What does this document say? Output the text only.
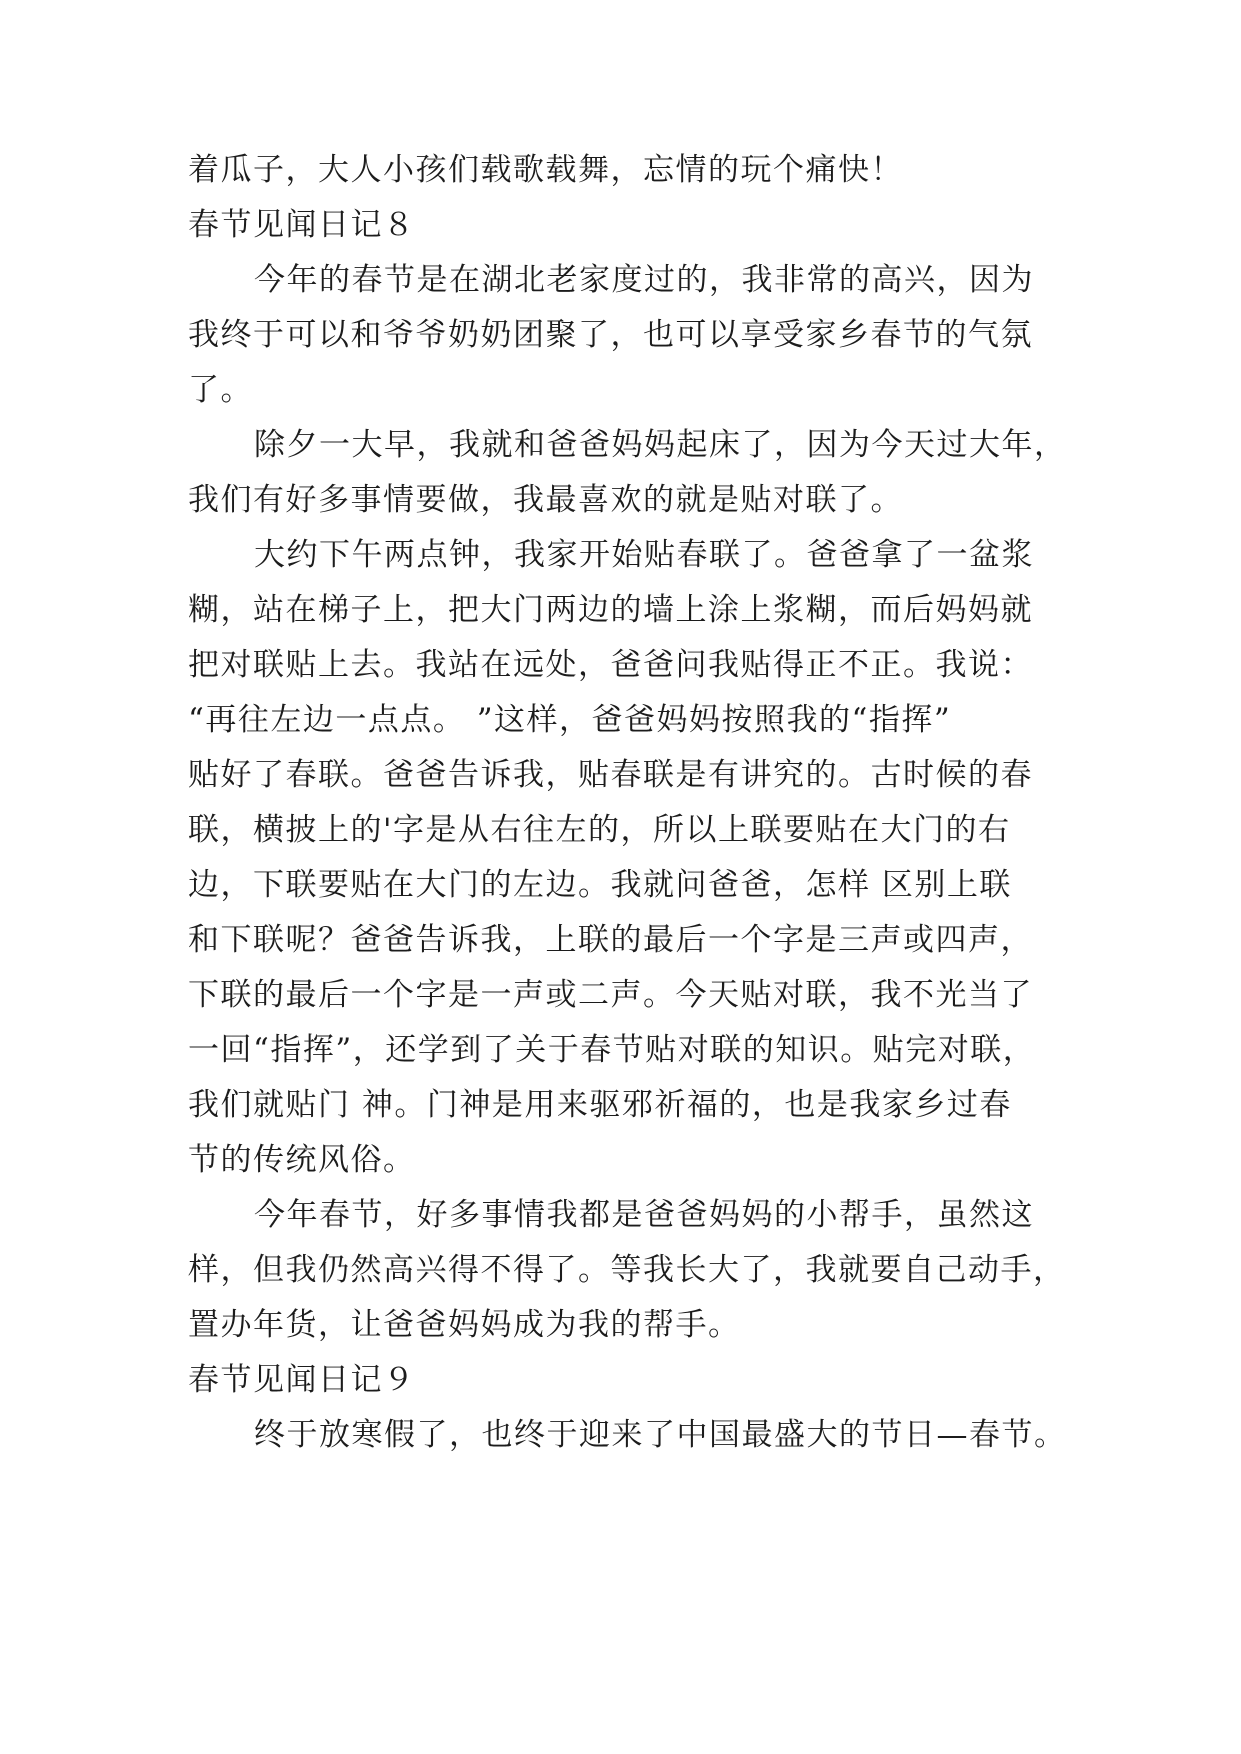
着瓜子，大人小孩们载歌载舞，忘情的玩个痛快！
春节见闻日记８
今年的春节是在湖北老家度过的，我非常的高兴，因为
我终于可以和爷爷奶奶团聚了，也可以享受家乡春节的气氛
了。
除夕一大早，我就和爸爸妈妈起床了，因为今天过大年，
我们有好多事情要做，我最喜欢的就是贴对联了。
大约下午两点钟，我家开始贴春联了。爸爸拿了一盆浆
糊，站在梯子上，把大门两边的墙上涂上浆糊，而后妈妈就
把对联贴上去。我站在远处，爸爸问我贴得正不正。我说：
“再往左边一点点。 ”这样，爸爸妈妈按照我的“指挥”
贴好了春联。爸爸告诉我，贴春联是有讲究的。古时候的春
联，横披上的'字是从右往左的，所以上联要贴在大门的右
边，下联要贴在大门的左边。我就问爸爸，怎样 区别上联
和下联呢？爸爸告诉我，上联的最后一个字是三声或四声，
下联的最后一个字是一声或二声。今天贴对联，我不光当了
一回“指挥”，还学到了关于春节贴对联的知识。贴完对联，
我们就贴门 神。门神是用来驱邪祈福的，也是我家乡过春
节的传统风俗。
今年春节，好多事情我都是爸爸妈妈的小帮手，虽然这
样，但我仍然高兴得不得了。等我长大了，我就要自己动手，
置办年货，让爸爸妈妈成为我的帮手。
春节见闻日记９
终于放寒假了，也终于迎来了中国最盛大的节日—春节。
